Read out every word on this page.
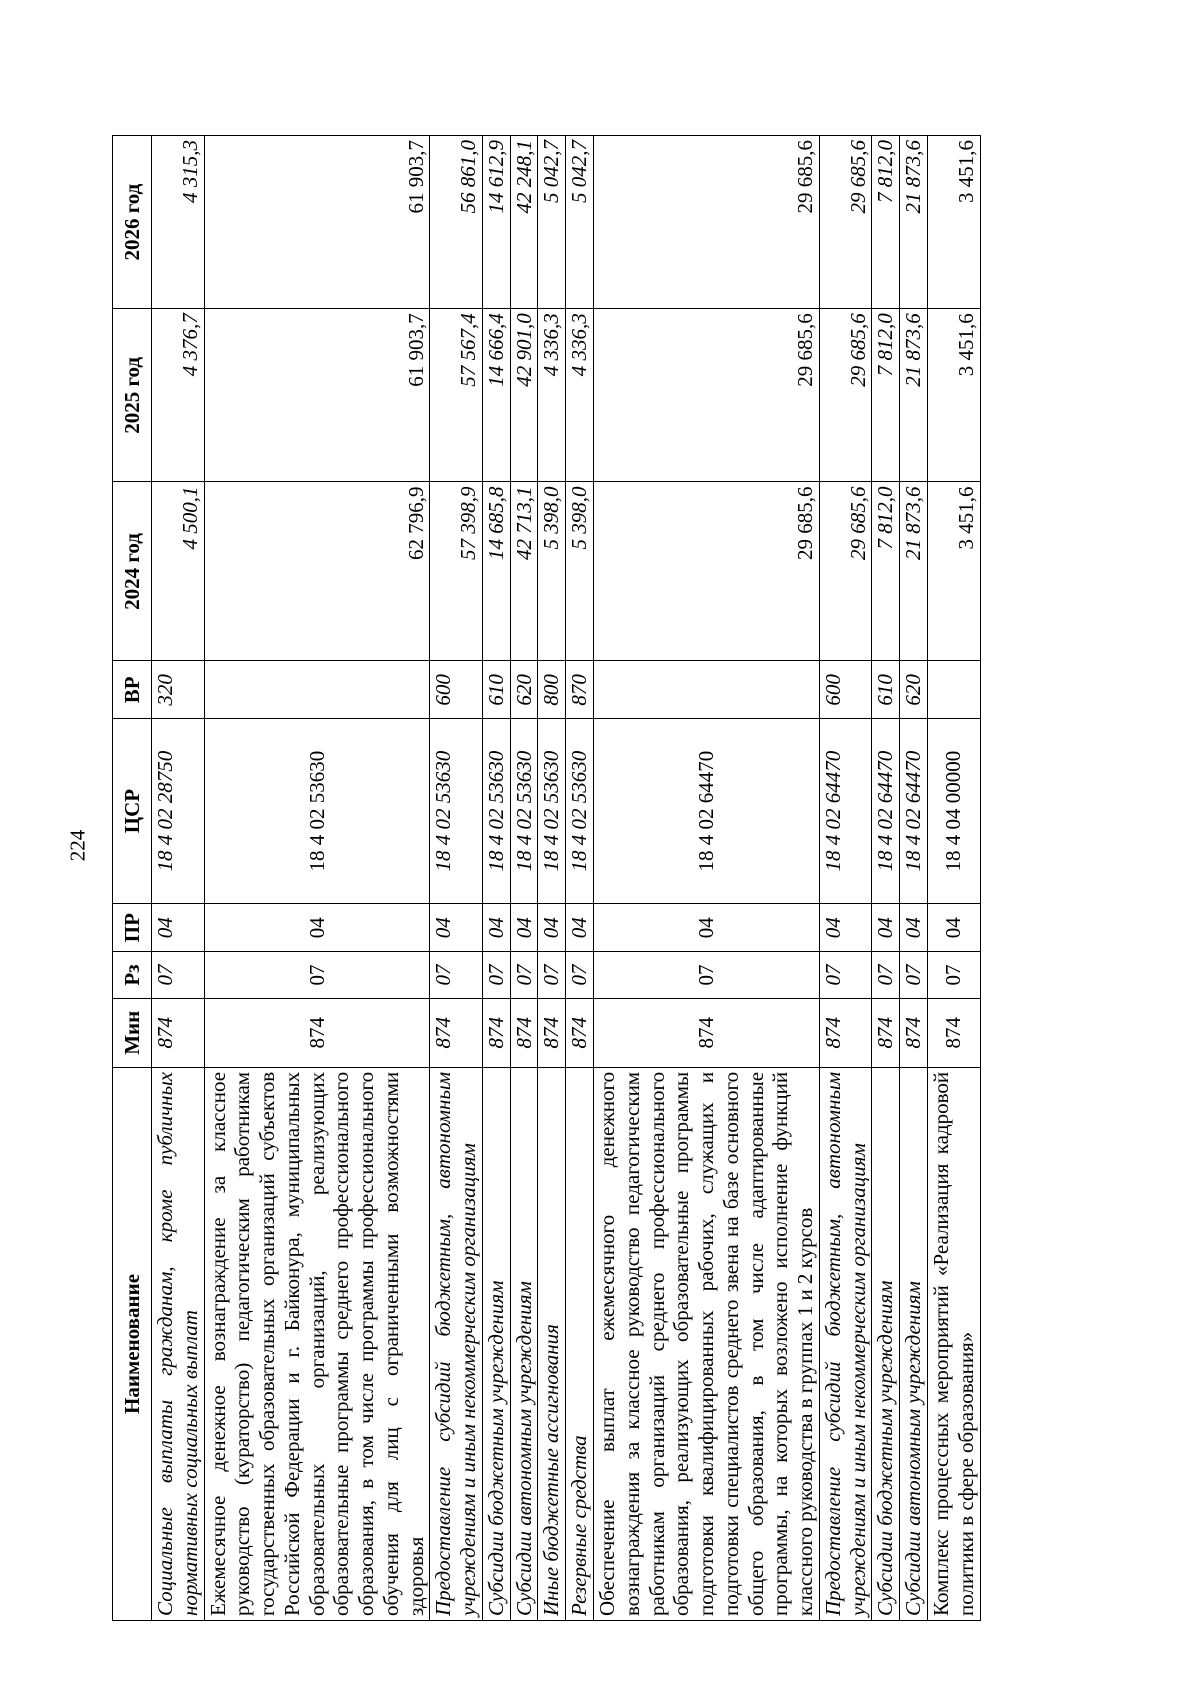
224
Наименование	Мин	Рз	ПР	ЦСР	ВР	2024 год	2025 год	2026 год
Социальные выплаты гражданам, кроме публичных нормативных социальных выплат	874	07	04	18 4 02 28750	320	4 500,1	4 376,7	4 315,3
Ежемесячное денежное вознаграждение за классное руководство (кураторство) педагогическим работникам государственных образовательных организаций субъектов Российской Федерации и г. Байконура, муниципальных образовательных организаций, реализующих образовательные программы среднего профессионального образования, в том числе программы профессионального обучения для лиц с ограниченными возможностями здоровья	874	07	04	18 4 02 53630		62 796,9	61 903,7	61 903,7
Предоставление субсидий бюджетным, автономным учреждениям и иным некоммерческим организациям	874	07	04	18 4 02 53630	600	57 398,9	57 567,4	56 861,0
Субсидии бюджетным учреждениям	874	07	04	18 4 02 53630	610	14 685,8	14 666,4	14 612,9
Субсидии автономным учреждениям	874	07	04	18 4 02 53630	620	42 713,1	42 901,0	42 248,1
Иные бюджетные ассигнования	874	07	04	18 4 02 53630	800	5 398,0	4 336,3	5 042,7
Резервные средства	874	07	04	18 4 02 53630	870	5 398,0	4 336,3	5 042,7
Обеспечение выплат ежемесячного денежного вознаграждения за классное руководство педагогическим работникам организаций среднего профессионального образования, реализующих образовательные программы подготовки квалифицированных рабочих, служащих и подготовки специалистов среднего звена на базе основного общего образования, в том числе адаптированные программы, на которых возложено исполнение функций классного руководства в группах 1 и 2 курсов	874	07	04	18 4 02 64470		29 685,6	29 685,6	29 685,6
Предоставление субсидий бюджетным, автономным учреждениям и иным некоммерческим организациям	874	07	04	18 4 02 64470	600	29 685,6	29 685,6	29 685,6
Субсидии бюджетным учреждениям	874	07	04	18 4 02 64470	610	7 812,0	7 812,0	7 812,0
Субсидии автономным учреждениям	874	07	04	18 4 02 64470	620	21 873,6	21 873,6	21 873,6
Комплекс процессных мероприятий «Реализация кадровой политики в сфере образования»	874	07	04	18 4 04 00000		3 451,6	3 451,6	3 451,6
